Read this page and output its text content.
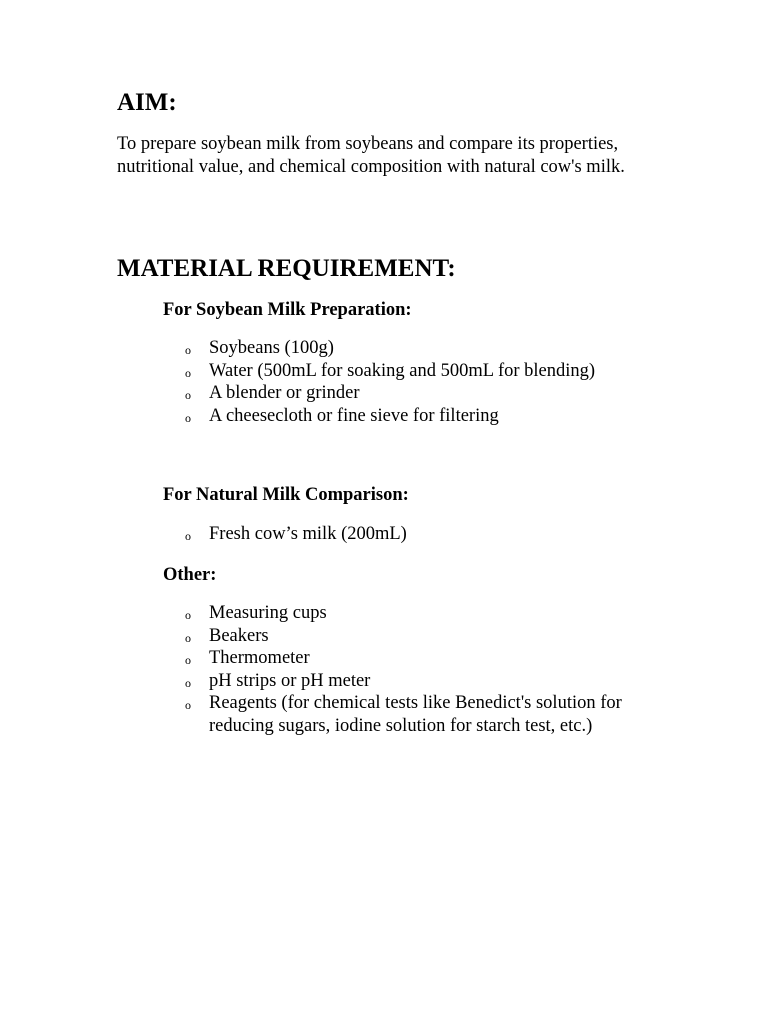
AIM:

To prepare soybean milk from soybeans and compare its properties, nutritional value, and chemical composition with natural cow's milk.

MATERIAL REQUIREMENT:
For Soybean Milk Preparation:
o Soybeans (100g)
o Water (500mL for soaking and 500mL for blending)
o A blender or grinder
o A cheesecloth or fine sieve for filtering
For Natural Milk Comparison:
o Fresh cow’s milk (200mL)
Other:
o Measuring cups
o Beakers
o Thermometer
o pH strips or pH meter
o Reagents (for chemical tests like Benedict's solution for reducing sugars, iodine solution for starch test, etc.)
